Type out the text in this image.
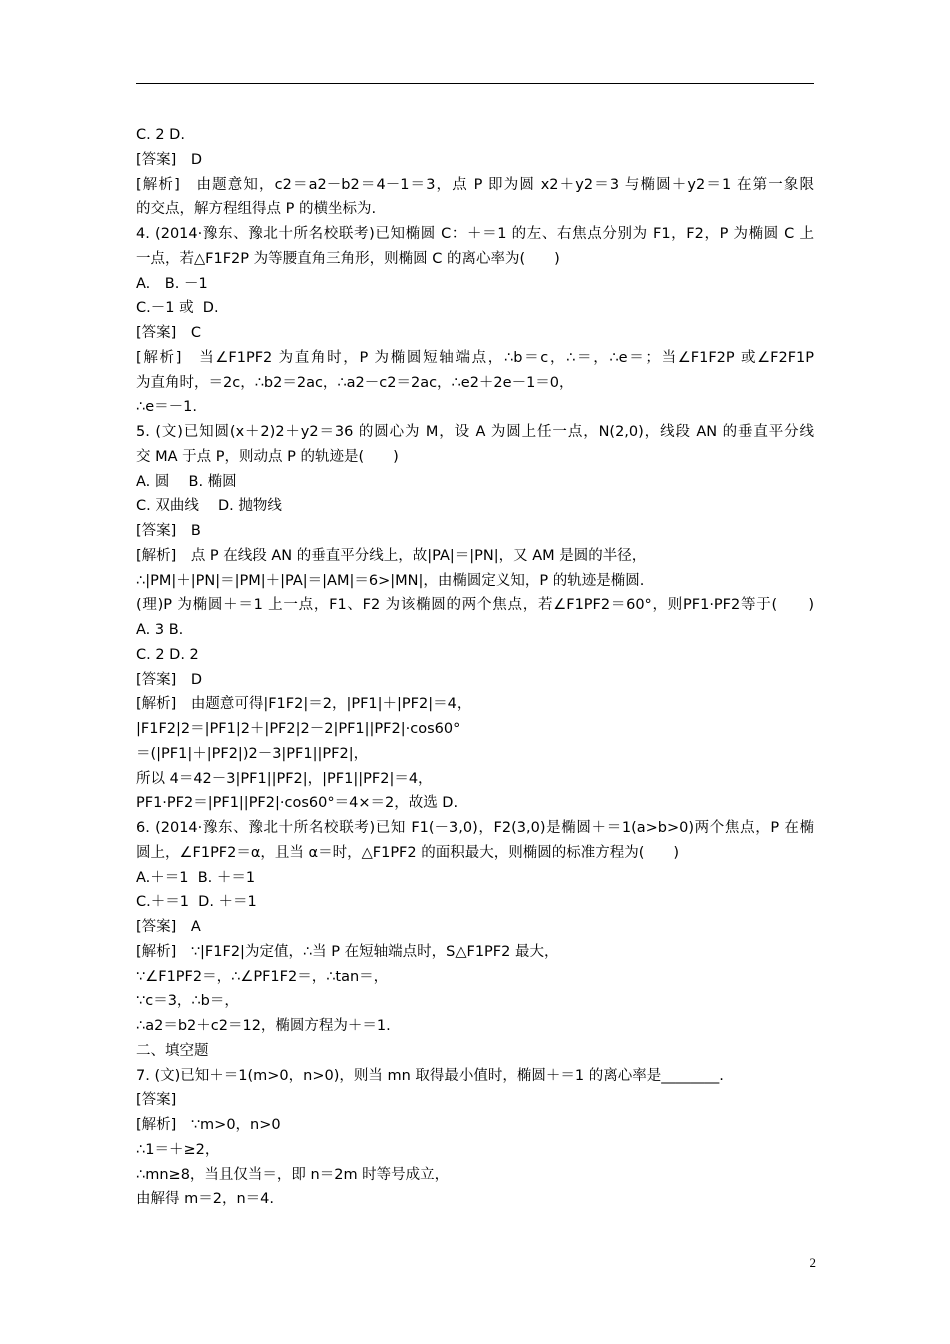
C. 2 D.
[答案]　D
[解析]　由题意知，c2＝a2－b2＝4－1＝3，点 P 即为圆 x2＋y2＝3 与椭圆＋y2＝1 在第一象限
的交点，解方程组得点 P 的横坐标为.
4. (2014·豫东、豫北十所名校联考)已知椭圆 C：＋＝1 的左、右焦点分别为 F1，F2，P 为椭圆 C 上
一点，若△F1F2P 为等腰直角三角形，则椭圆 C 的离心率为(　　)
A.　B. －1
C.－1 或  D.
[答案]　C
[解析]　当∠F1PF2 为直角时，P 为椭圆短轴端点，∴b＝c，∴＝，∴e＝；当∠F1F2P 或∠F2F1P
为直角时，＝2c，∴b2＝2ac，∴a2－c2＝2ac，∴e2＋2e－1＝0，
∴e＝－1.
5. (文)已知圆(x＋2)2＋y2＝36 的圆心为 M，设 A 为圆上任一点，N(2,0)，线段 AN 的垂直平分线
交 MA 于点 P，则动点 P 的轨迹是(　　)
A. 圆　 B. 椭圆
C. 双曲线　 D. 抛物线
[答案]　B
[解析]　点 P 在线段 AN 的垂直平分线上，故|PA|＝|PN|，又 AM 是圆的半径，
∴|PM|＋|PN|＝|PM|＋|PA|＝|AM|＝6>|MN|，由椭圆定义知，P 的轨迹是椭圆.
(理)P 为椭圆＋＝1 上一点，F1、F2 为该椭圆的两个焦点，若∠F1PF2＝60°，则PF1·PF2等于(　　)
A. 3 B.
C. 2 D. 2
[答案]　D
[解析]　由题意可得|F1F2|＝2，|PF1|＋|PF2|＝4，
|F1F2|2＝|PF1|2＋|PF2|2－2|PF1||PF2|·cos60°
＝(|PF1|＋|PF2|)2－3|PF1||PF2|，
所以 4＝42－3|PF1||PF2|，|PF1||PF2|＝4，
PF1·PF2＝|PF1||PF2|·cos60°＝4×＝2，故选 D.
6. (2014·豫东、豫北十所名校联考)已知 F1(－3,0)，F2(3,0)是椭圆＋＝1(a>b>0)两个焦点，P 在椭
圆上，∠F1PF2＝α，且当 α＝时，△F1PF2 的面积最大，则椭圆的标准方程为(　　)
A.＋＝1  B. ＋＝1
C.＋＝1  D. ＋＝1
[答案]　A
[解析]　∵|F1F2|为定值，∴当 P 在短轴端点时，S△F1PF2 最大，
∵∠F1PF2＝，∴∠PF1F2＝，∴tan＝，
∵c＝3，∴b＝，
∴a2＝b2＋c2＝12，椭圆方程为＋＝1.
二、填空题
7. (文)已知＋＝1(m>0，n>0)，则当 mn 取得最小值时，椭圆＋＝1 的离心率是________.
[答案]
[解析]　∵m>0，n>0
∴1＝＋≥2，
∴mn≥8，当且仅当＝，即 n＝2m 时等号成立，
由解得 m＝2，n＝4.
2
